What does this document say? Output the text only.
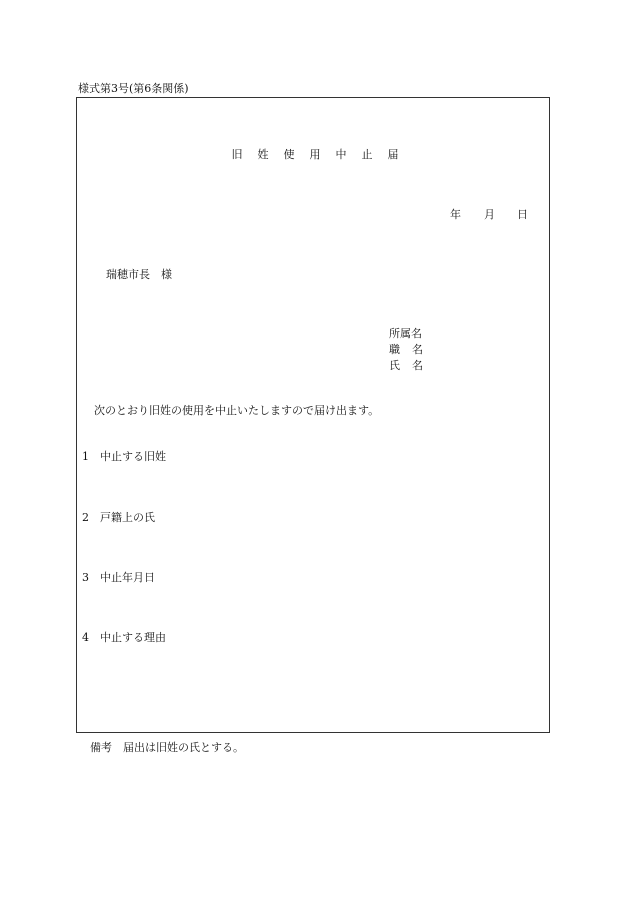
様式第3号(第6条関係)
旧 姓 使 用 中 止 届
年 月 日
瑞穂市長　様
所属名
職 名
氏 名
次のとおり旧姓の使用を中止いたしますので届け出ます。
1 中止する旧姓
2 戸籍上の氏
3 中止年月日
4 中止する理由
備考　届出は旧姓の氏とする。
